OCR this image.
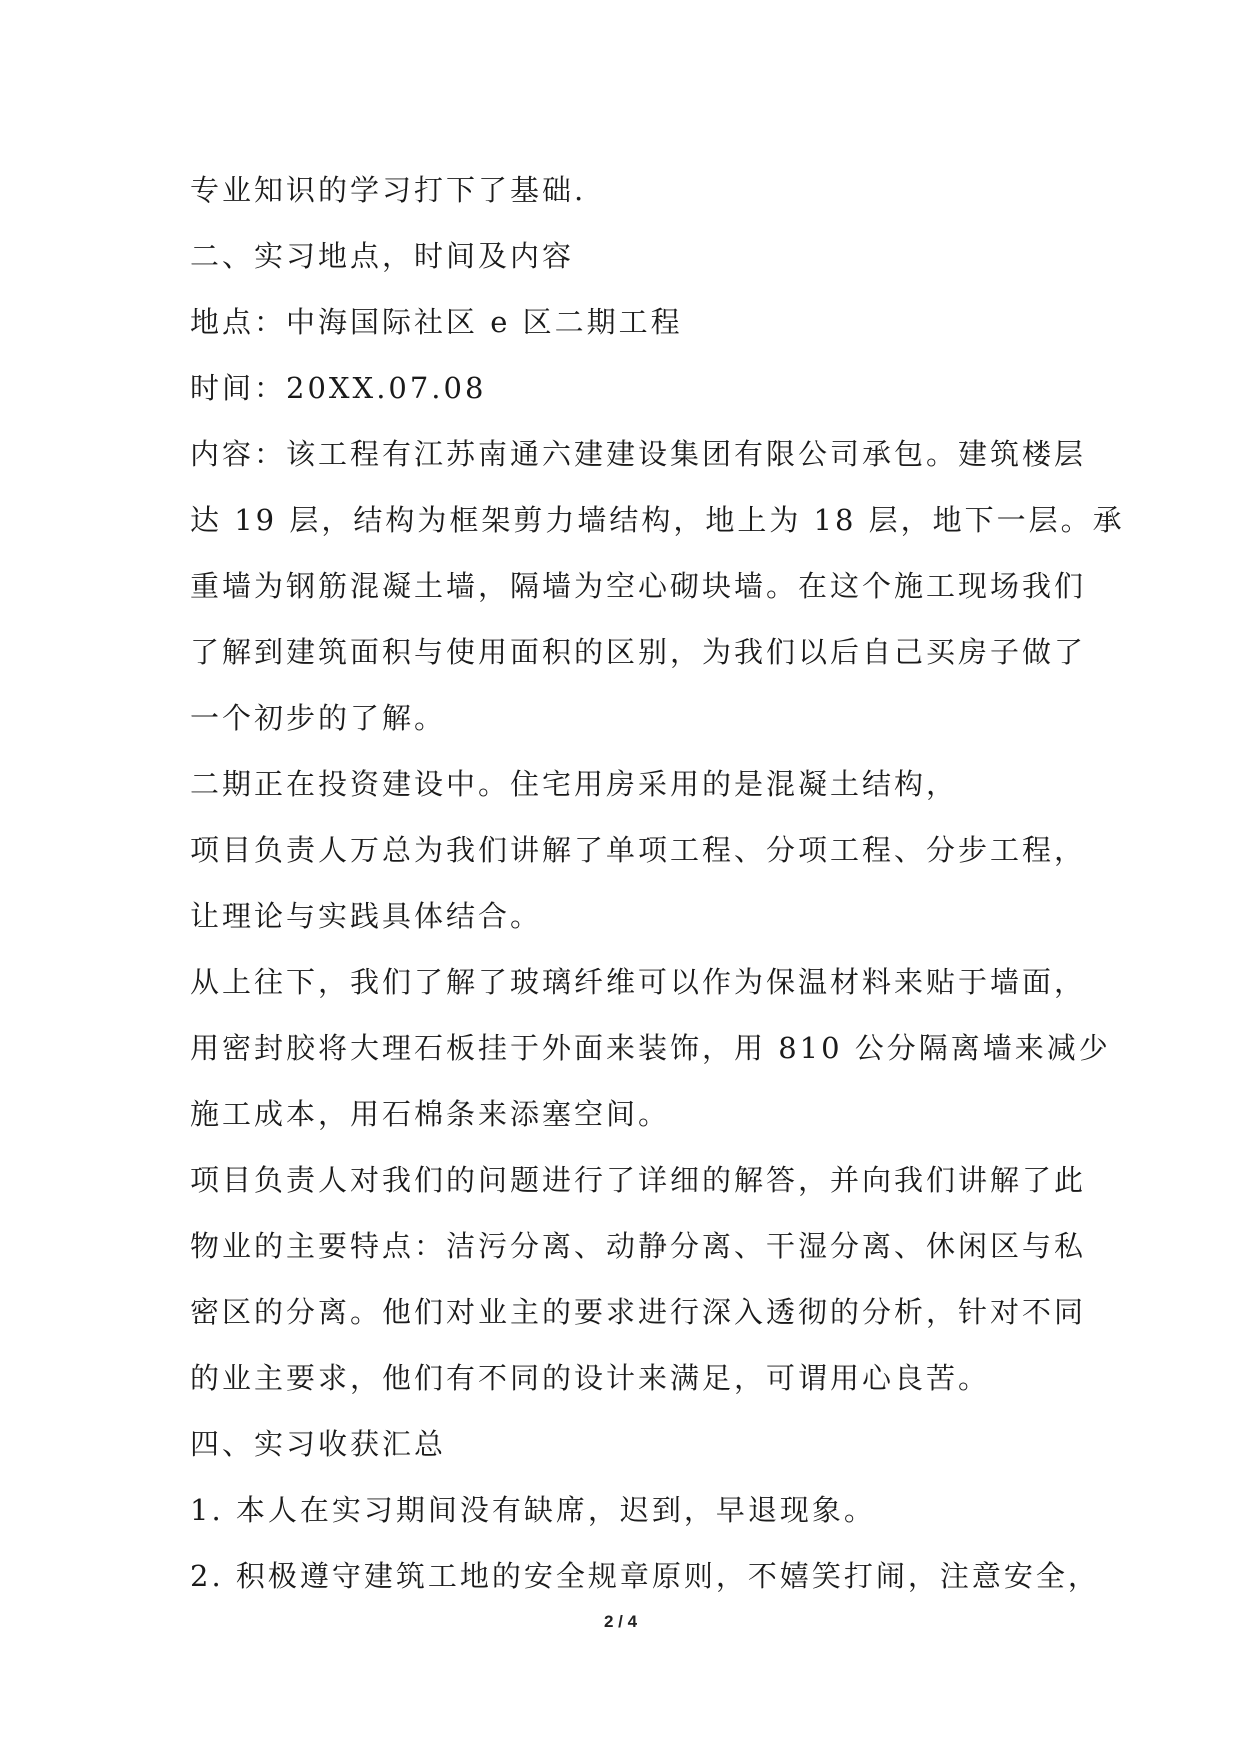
专业知识的学习打下了基础.
二、实习地点，时间及内容
地点：中海国际社区 e 区二期工程
时间：20XX.07.08
内容：该工程有江苏南通六建建设集团有限公司承包。建筑楼层
达 19 层，结构为框架剪力墙结构，地上为 18 层，地下一层。承
重墙为钢筋混凝土墙，隔墙为空心砌块墙。在这个施工现场我们
了解到建筑面积与使用面积的区别，为我们以后自己买房子做了
一个初步的了解。
二期正在投资建设中。住宅用房采用的是混凝土结构，
项目负责人万总为我们讲解了单项工程、分项工程、分步工程，
让理论与实践具体结合。
从上往下，我们了解了玻璃纤维可以作为保温材料来贴于墙面，
用密封胶将大理石板挂于外面来装饰，用 810 公分隔离墙来减少
施工成本，用石棉条来添塞空间。
项目负责人对我们的问题进行了详细的解答，并向我们讲解了此
物业的主要特点：洁污分离、动静分离、干湿分离、休闲区与私
密区的分离。他们对业主的要求进行深入透彻的分析，针对不同
的业主要求，他们有不同的设计来满足，可谓用心良苦。
四、实习收获汇总
1. 本人在实习期间没有缺席，迟到，早退现象。
2. 积极遵守建筑工地的安全规章原则，不嬉笑打闹，注意安全，
2 / 4
